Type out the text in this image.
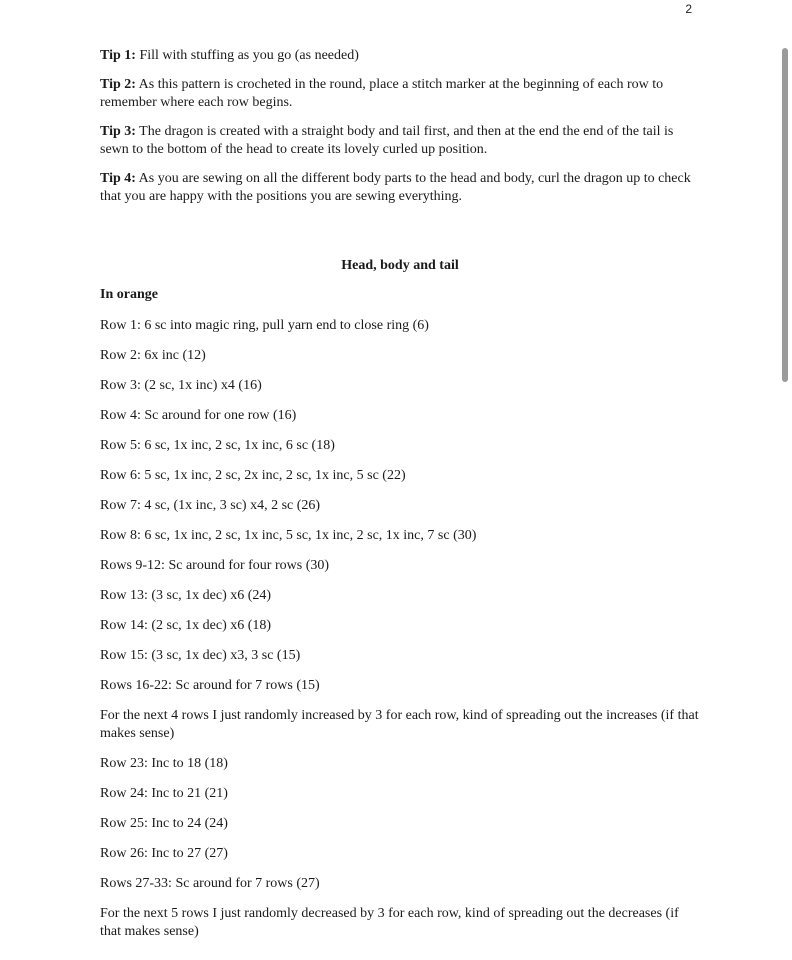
2

Tip 1: Fill with stuffing as you go (as needed)

Tip 2: As this pattern is crocheted in the round, place a stitch marker at the beginning of each row to remember where each row begins.

Tip 3: The dragon is created with a straight body and tail first, and then at the end the end of the tail is sewn to the bottom of the head to create its lovely curled up position.

Tip 4: As you are sewing on all the different body parts to the head and body, curl the dragon up to check that you are happy with the positions you are sewing everything.

Head, body and tail
In orange
Row 1: 6 sc into magic ring, pull yarn end to close ring (6)
Row 2: 6x inc (12)
Row 3: (2 sc, 1x inc) x4 (16)
Row 4: Sc around for one row (16)
Row 5: 6 sc, 1x inc, 2 sc, 1x inc, 6 sc (18)
Row 6: 5 sc, 1x inc, 2 sc, 2x inc, 2 sc, 1x inc, 5 sc (22)
Row 7: 4 sc, (1x inc, 3 sc) x4, 2 sc (26)
Row 8: 6 sc, 1x inc, 2 sc, 1x inc, 5 sc, 1x inc, 2 sc, 1x inc, 7 sc (30)
Rows 9-12: Sc around for four rows (30)
Row 13: (3 sc, 1x dec) x6 (24)
Row 14: (2 sc, 1x dec) x6 (18)
Row 15: (3 sc, 1x dec) x3, 3 sc (15)
Rows 16-22: Sc around for 7 rows (15)
For the next 4 rows I just randomly increased by 3 for each row, kind of spreading out the increases (if that makes sense)
Row 23: Inc to 18 (18)
Row 24: Inc to 21 (21)
Row 25: Inc to 24 (24)
Row 26: Inc to 27 (27)
Rows 27-33: Sc around for 7 rows (27)
For the next 5 rows I just randomly decreased by 3 for each row, kind of spreading out the decreases (if that makes sense)
